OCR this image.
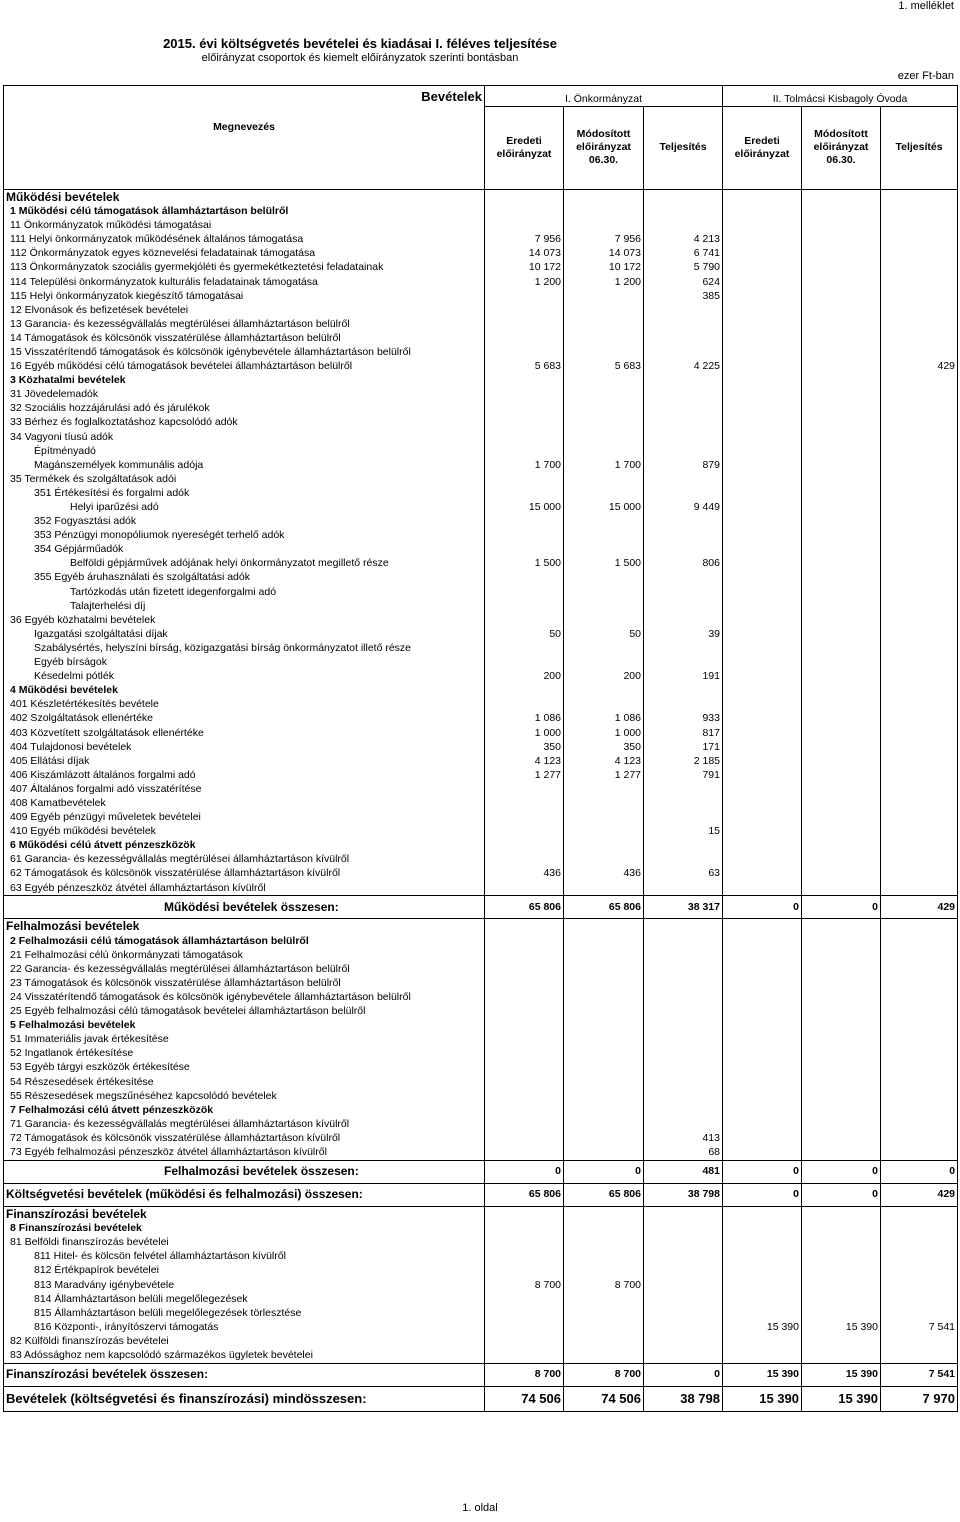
1. melléklet
2015. évi költségvetés bevételei és kiadásai I. féléves teljesítése
előirányzat csoportok és kiemelt előirányzatok szerinti bontásban
ezer Ft-ban
Bevételek	I. Önkormányzat			II. Tolmácsi Kisbagoly Óvoda		
Megnevezés	Eredeti előirányzat	Módosított előirányzat 06.30.	Teljesítés	Eredeti előirányzat	Módosított előirányzat 06.30.	Teljesítés
Működési bevételek						
1 Működési célú támogatások államháztartáson belülről						
11 Önkormányzatok működési támogatásai						
111 Helyi önkormányzatok működésének általános támogatása	7 956	7 956	4 213			
112 Önkormányzatok egyes köznevelési feladatainak támogatása	14 073	14 073	6 741			
113 Önkormányzatok szociális gyermekjóléti és gyermekétkeztetési feladatainak	10 172	10 172	5 790			
114 Települési önkormányzatok kulturális feladatainak támogatása	1 200	1 200	624			
115 Helyi önkormányzatok kiegészítő támogatásai			385			
12 Elvonások és befizetések bevételei						
13 Garancia- és kezességvállalás megtérülései államháztartáson belülről						
14 Támogatások és kölcsönök visszatérülése államháztartáson belülről						
15 Visszatérítendő támogatások és kölcsönök igénybevétele államháztartáson belülről						
16 Egyéb működési célú támogatások bevételei államháztartáson belülről	5 683	5 683	4 225			429
3 Közhatalmi bevételek						
31 Jövedelemadók						
32 Szociális hozzájárulási adó és járulékok						
33 Bérhez és foglalkoztatáshoz kapcsolódó adók						
34 Vagyoni tíusú adók						
Építményadó						
Magánszemélyek kommunális adója	1 700	1 700	879			
35 Termékek és szolgáltatások adói						
351 Értékesítési és forgalmi adók						
Helyi iparűzési adó	15 000	15 000	9 449			
352 Fogyasztási adók						
353 Pénzügyi monopóliumok nyereségét terhelő adók						
354 Gépjárműadók						
Belföldi gépjárművek adójának helyi önkormányzatot megillető része	1 500	1 500	806			
355 Egyéb áruhasználati és szolgáltatási adók						
Tartózkodás után fizetett idegenforgalmi adó						
Talajterhelési díj						
36 Egyéb közhatalmi bevételek						
Igazgatási szolgáltatási díjak	50	50	39			
Szabálysértés, helyszíni bírság, közigazgatási bírság önkormányzatot illető része						
Egyéb bírságok						
Késedelmi pótlék	200	200	191			
4 Működési bevételek						
401 Készletértékesítés bevétele						
402 Szolgáltatások ellenértéke	1 086	1 086	933			
403 Közvetített szolgáltatások ellenértéke	1 000	1 000	817			
404 Tulajdonosi bevételek	350	350	171			
405 Ellátási díjak	4 123	4 123	2 185			
406 Kiszámlázott általános forgalmi adó	1 277	1 277	791			
407 Általános forgalmi adó visszatérítése						
408 Kamatbevételek						
409 Egyéb pénzügyi műveletek bevételei						
410 Egyéb működési bevételek			15			
6 Működési célú átvett pénzeszközök						
61 Garancia- és kezességvállalás megtérülései államháztartáson kívülről						
62 Támogatások és kölcsönök visszatérülése államháztartáson kívülről	436	436	63			
63 Egyéb pénzeszköz átvétel államháztartáson kívülről						
Működési bevételek összesen:	65 806	65 806	38 317	0	0	429
Felhalmozási bevételek						
2 Felhalmozásii célú támogatások államháztartáson belülről						
21 Felhalmozási célú önkormányzati támogatások						
22 Garancia- és kezességvállalás megtérülései államháztartáson belülről						
23 Támogatások és kölcsönök visszatérülése államháztartáson belülről						
24 Visszatérítendő támogatások és kölcsönök igénybevétele államháztartáson belülről						
25 Egyéb felhalmozási célú támogatások bevételei államháztartáson belülről						
5 Felhalmozási bevételek						
51 Immateriális javak értékesítése						
52 Ingatlanok értékesítése						
53 Egyéb tárgyi eszközök értékesítése						
54 Részesedések értékesítése						
55 Részesedések megszűnéséhez kapcsolódó bevételek						
7 Felhalmozási célú átvett pénzeszközök						
71 Garancia- és kezességvállalás megtérülései államháztartáson kívülről						
72 Támogatások és kölcsönök visszatérülése államháztartáson kívülről			413			
73 Egyéb felhalmozási pénzeszköz átvétel államháztartáson kívülről			68			
Felhalmozási bevételek összesen:	0	0	481	0	0	0
Költségvetési bevételek (működési és felhalmozási) összesen:	65 806	65 806	38 798	0	0	429
Finanszírozási bevételek						
8 Finanszírozási bevételek						
81 Belföldi finanszírozás bevételei						
811 Hitel- és kölcsön felvétel államháztartáson kívülről						
812 Értékpapírok bevételei						
813 Maradvány igénybevétele	8 700	8 700				
814 Államháztartáson belüli megelőlegezések						
815 Államháztartáson belüli megelőlegezések törlesztése						
816 Központi-, irányítószervi támogatás				15 390	15 390	7 541
82 Külföldi finanszírozás bevételei						
83 Adóssághoz nem kapcsolódó származékos ügyletek bevételei						
Finanszírozási bevételek összesen:	8 700	8 700	0	15 390	15 390	7 541
Bevételek (költségvetési és finanszírozási) mindösszesen:	74 506	74 506	38 798	15 390	15 390	7 970
1. oldal
